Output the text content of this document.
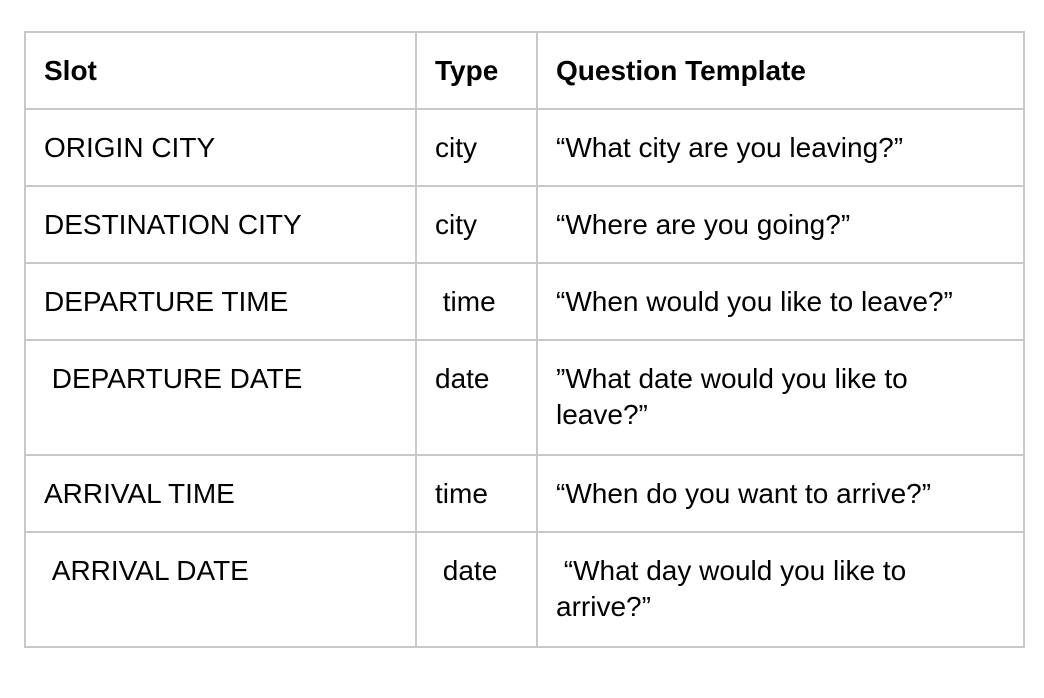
Slot	Type	Question Template
ORIGIN CITY	city	“What city are you leaving?”
DESTINATION CITY	city	“Where are you going?”
DEPARTURE TIME	time	“When would you like to leave?”
DEPARTURE DATE	date	”What date would you like to leave?”
ARRIVAL TIME	time	“When do you want to arrive?”
ARRIVAL DATE	date	“What day would you like to arrive?”
